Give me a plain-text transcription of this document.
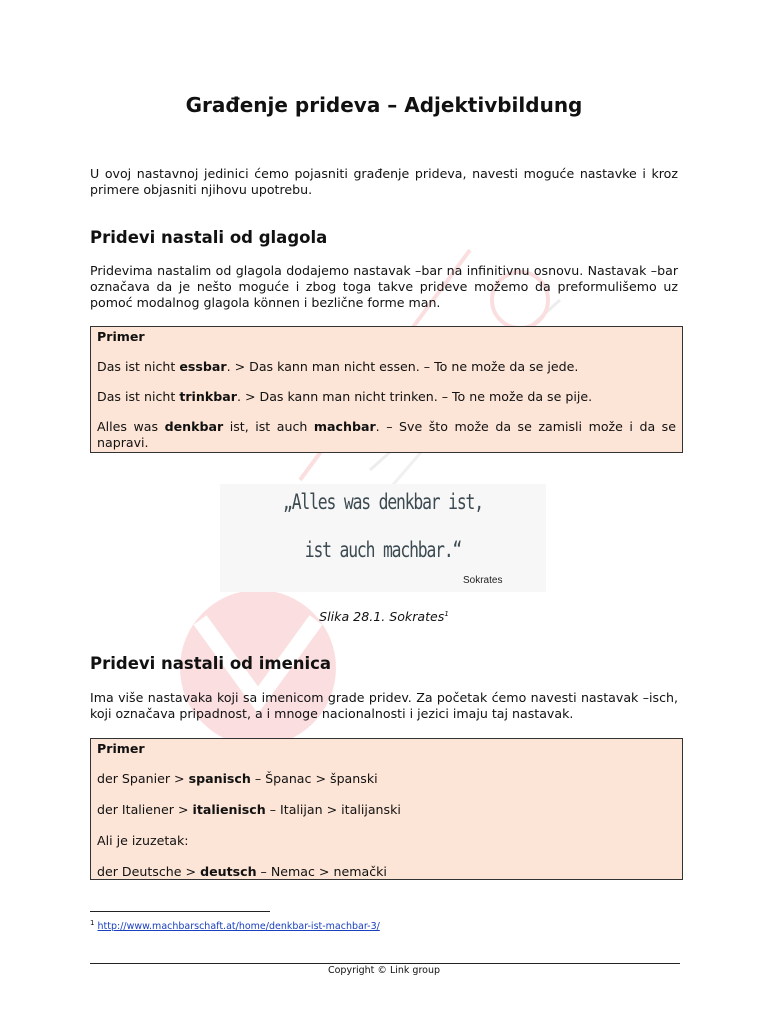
Građenje prideva – Adjektivbildung

U ovoj nastavnoj jedinici ćemo pojasniti građenje prideva, navesti moguće nastavke i kroz primere objasniti njihovu upotrebu.

Pridevi nastali od glagola

Pridevima nastalim od glagola dodajemo nastavak –bar na infinitivnu osnovu. Nastavak –bar označava da je nešto moguće i zbog toga takve prideve možemo da preformulišemo uz pomoć modalnog glagola können i bezlične forme man.

Primer

Das ist nicht essbar. > Das kann man nicht essen. – To ne može da se jede.

Das ist nicht trinkbar. > Das kann man nicht trinken. – To ne može da se pije.

Alles was denkbar ist, ist auch machbar. – Sve što može da se zamisli može i da se napravi.

„Alles was denkbar ist,
ist auch machbar.“
Sokrates

Slika 28.1. Sokrates$^1$

Pridevi nastali od imenica

Ima više nastavaka koji sa imenicom grade pridev. Za početak ćemo navesti nastavak –isch, koji označava pripadnost, a i mnoge nacionalnosti i jezici imaju taj nastavak.

Primer

der Spanier > spanisch – Španac > španski

der Italiener > italienisch – Italijan > italijanski

Ali je izuzetak:

der Deutsche > deutsch – Nemac > nemački

$^1$ http://www.machbarschaft.at/home/denkbar-ist-machbar-3/

Copyright © Link group
